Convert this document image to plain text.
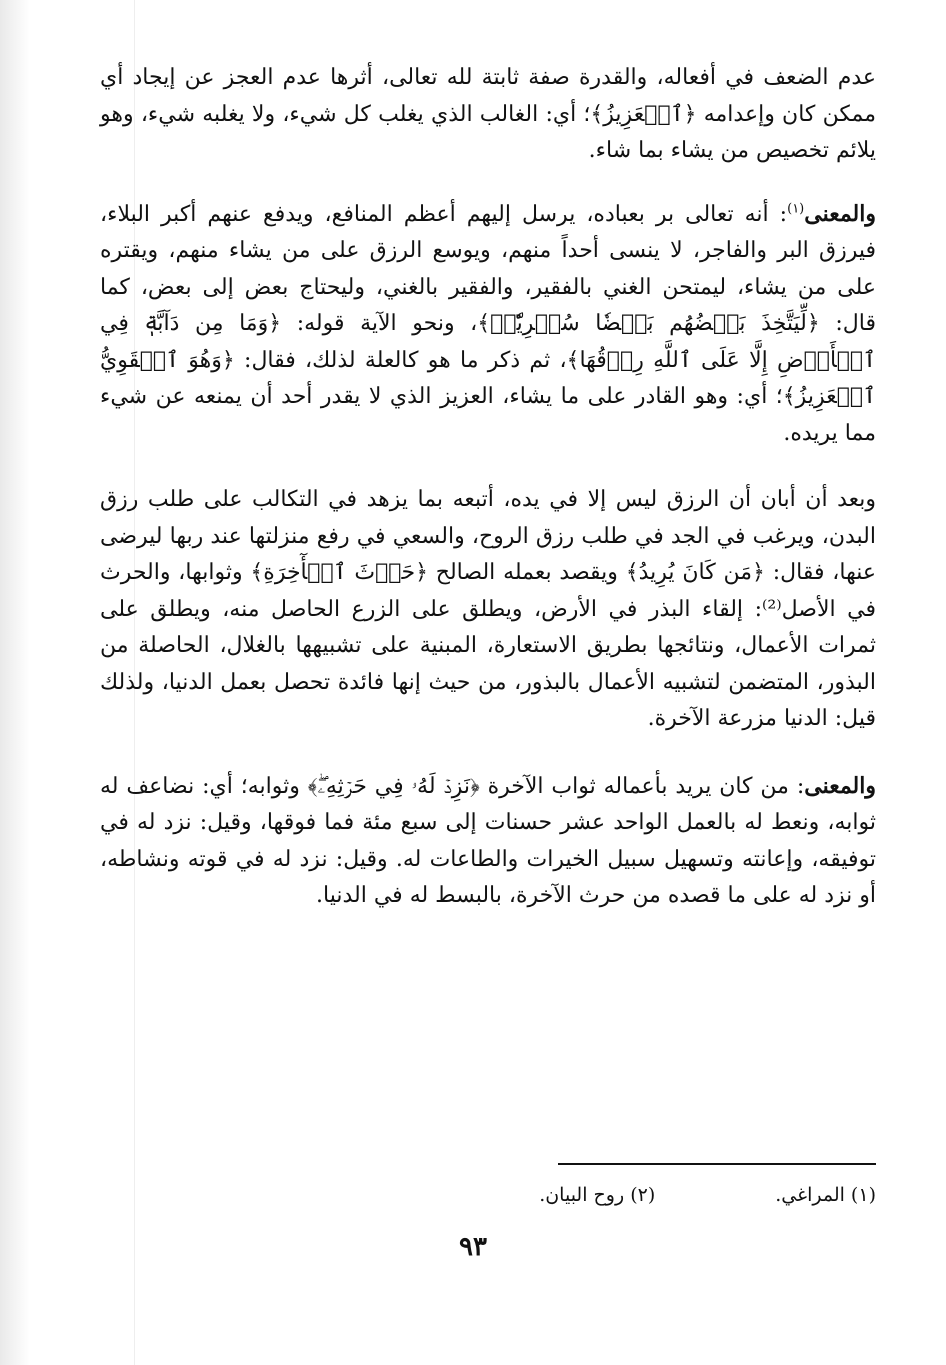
عدم الضعف في أفعاله، والقدرة صفة ثابتة لله تعالى، أثرها عدم العجز عن إيجاد أي ممكن كان وإعدامه ﴿ٱلۡعَزِيزُ﴾؛ أي: الغالب الذي يغلب كل شيء، ولا يغلبه شيء، وهو يلائم تخصيص من يشاء بما شاء.

والمعنى$^{(١)}$: أنه تعالى بر بعباده، يرسل إليهم أعظم المنافع، ويدفع عنهم أكبر البلاء، فيرزق البر والفاجر، لا ينسى أحداً منهم، ويوسع الرزق على من يشاء منهم، ويقتره على من يشاء، ليمتحن الغني بالفقير، والفقير بالغني، وليحتاج بعض إلى بعض، كما قال: ﴿لِّيَتَّخِذَ بَعۡضُهُم بَعۡضٗا سُخۡرِيّٗاۗ﴾، ونحو الآية قوله: ﴿وَمَا مِن دَآبَّةٖ فِي ٱلۡأَرۡضِ إِلَّا عَلَى ٱللَّهِ رِزۡقُهَا﴾، ثم ذكر ما هو كالعلة لذلك، فقال: ﴿وَهُوَ ٱلۡقَوِيُّ ٱلۡعَزِيزُ﴾؛ أي: وهو القادر على ما يشاء، العزيز الذي لا يقدر أحد أن يمنعه عن شيء مما يريده.

وبعد أن أبان أن الرزق ليس إلا في يده، أتبعه بما يزهد في التكالب على طلب رزق البدن، ويرغب في الجد في طلب رزق الروح، والسعي في رفع منزلتها عند ربها ليرضى عنها، فقال: ﴿مَن كَانَ يُرِيدُ﴾ ويقصد بعمله الصالح ﴿حَرۡثَ ٱلۡأٓخِرَةِ﴾ وثوابها، والحرث في الأصل⁽²⁾: إلقاء البذر في الأرض، ويطلق على الزرع الحاصل منه، ويطلق على ثمرات الأعمال، ونتائجها بطريق الاستعارة، المبنية على تشبيهها بالغلال، الحاصلة من البذور، المتضمن لتشبيه الأعمال بالبذور، من حيث إنها فائدة تحصل بعمل الدنيا، ولذلك قيل: الدنيا مزرعة الآخرة.

والمعنى: من كان يريد بأعماله ثواب الآخرة ﴿نَزِدۡ لَهُۥ فِي حَرۡثِهِۦۖ﴾ وثوابه؛ أي: نضاعف له ثوابه، ونعط له بالعمل الواحد عشر حسنات إلى سبع مئة فما فوقها، وقيل: نزد له في توفيقه، وإعانته وتسهيل سبيل الخيرات والطاعات له. وقيل: نزد له في قوته ونشاطه، أو نزد له على ما قصده من حرث الآخرة، بالبسط له في الدنيا.

(١) المراغي.
(٢) روح البيان.
٩٣
